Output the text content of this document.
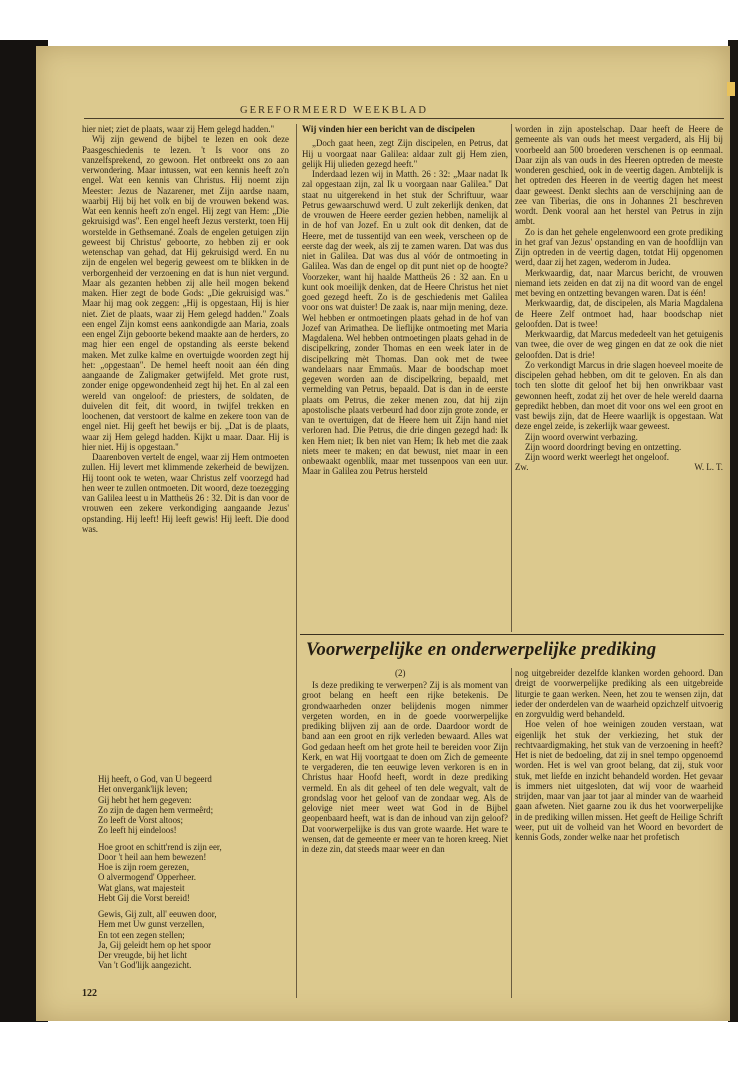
GEREFORMEERD WEEKBLAD

hier niet; ziet de plaats, waar zij Hem gelegd hadden."

Wij zijn gewend de bijbel te lezen en ook deze Paasgeschiedenis te lezen. 't Is voor ons zo vanzelfsprekend, zo gewoon. Het ontbreekt ons zo aan verwondering. Maar intussen, wat een kennis heeft zo'n engel. Wat een kennis van Christus. Hij noemt zijn Meester: Jezus de Nazarener, met Zijn aardse naam, waarbij Hij bij het volk en bij de vrouwen bekend was. Wat een kennis heeft zo'n engel. Hij zegt van Hem: „Die gekruisigd was". Een engel heeft Jezus versterkt, toen Hij worstelde in Gethsemané. Zoals de engelen getuigen zijn geweest bij Christus' geboorte, zo hebben zij er ook wetenschap van gehad, dat Hij gekruisigd werd. En nu zijn de engelen wel begerig geweest om te blikken in de verborgenheid der verzoening en dat is hun niet vergund. Maar als gezanten hebben zij alle heil mogen bekend maken. Hier zegt de bode Gods: „Die gekruisigd was." Maar hij mag ook zeggen: „Hij is opgestaan, Hij is hier niet. Ziet de plaats, waar zij Hem gelegd hadden." Zoals een engel Zijn komst eens aankondigde aan Maria, zoals een engel Zijn geboorte bekend maakte aan de herders, zo mag hier een engel de opstanding als eerste bekend maken. Met zulke kalme en overtuigde woorden zegt hij het: „opgestaan". De hemel heeft nooit aan één ding aangaande de Zaligmaker getwijfeld. Met grote rust, zonder enige opgewondenheid zegt hij het. En al zal een wereld van ongeloof: de priesters, de soldaten, de duivelen dit feit, dit woord, in twijfel trekken en loochenen, dat verstoort de kalme en zekere toon van de engel niet. Hij geeft het bewijs er bij. „Dat is de plaats, waar zij Hem gelegd hadden. Kijkt u maar. Daar. Hij is hier niet. Hij is opgestaan."

Daarenboven vertelt de engel, waar zij Hem ontmoeten zullen. Hij levert met klimmende zekerheid de bewijzen. Hij toont ook te weten, waar Christus zelf voorzegd had hen weer te zullen ontmoeten. Dit woord, deze toezegging van Galilea leest u in Mattheüs 26 : 32. Dit is dan voor de vrouwen een zekere verkondiging aangaande Jezus' opstanding. Hij leeft! Hij leeft gewis! Hij leeft. Die dood was.

Hij heeft, o God, van U begeerd
Het onvergank'lijk leven;
Gij hebt het hem gegeven:
Zo zijn de dagen hem vermeêrd;
Zo leeft de Vorst altoos;
Zo leeft hij eindeloos!
Hoe groot en schitt'rend is zijn eer,
Door 't heil aan hem bewezen!
Hoe is zijn roem gerezen,
O alvermogend' Opperheer.
Wat glans, wat majesteit
Hebt Gij die Vorst bereid!
Gewis, Gij zult, all' eeuwen door,
Hem met Uw gunst verzellen,
En tot een zegen stellen;
Ja, Gij geleidt hem op het spoor
Der vreugde, bij het licht
Van 't God'lijk aangezicht.

Wij vinden hier een bericht van de discipelen

„Doch gaat heen, zegt Zijn discipelen, en Petrus, dat Hij u voorgaat naar Galilea: aldaar zult gij Hem zien, gelijk Hij ulieden gezegd heeft."

Inderdaad lezen wij in Matth. 26 : 32: „Maar nadat Ik zal opgestaan zijn, zal Ik u voorgaan naar Galilea." Dat staat nu uitgerekend in het stuk der Schriftuur, waar Petrus gewaarschuwd werd. U zult zekerlijk denken, dat de vrouwen de Heere eerder gezien hebben, namelijk al in de hof van Jozef. En u zult ook dit denken, dat de Heere, met de tussentijd van een week, verscheen op de eerste dag der week, als zij te zamen waren. Dat was dus niet in Galilea. Dat was dus al vóór de ontmoeting in Galilea. Was dan de engel op dit punt niet op de hoogte? Voorzeker, want hij haalde Mattheüs 26 : 32 aan. En u kunt ook moeilijk denken, dat de Heere Christus het niet goed gezegd heeft. Zo is de geschiedenis met Galilea voor ons wat duister! De zaak is, naar mijn mening, deze. Wel hebben er ontmoetingen plaats gehad in de hof van Jozef van Arimathea. De lieflijke ontmoeting met Maria Magdalena. Wel hebben ontmoetingen plaats gehad in de discipelkring, zonder Thomas en een week later in de discipelkring mèt Thomas. Dan ook met de twee wandelaars naar Emmaüs. Maar de boodschap moet gegeven worden aan de discipelkring, bepaald, met vermelding van Petrus, bepaald. Dat is dan in de eerste plaats om Petrus, die zeker menen zou, dat hij zijn apostolische plaats verbeurd had door zijn grote zonde, er van te overtuigen, dat de Heere hem uit Zijn hand niet verloren had. Die Petrus, die drie dingen gezegd had: Ik ken Hem niet; Ik ben niet van Hem; Ik heb met die zaak niets meer te maken; en dat bewust, niet maar in een onbewaakt ogenblik, maar met tussenpoos van een uur. Maar in Galilea zou Petrus hersteld

worden in zijn apostelschap. Daar heeft de Heere de gemeente als van ouds het meest vergaderd, als Hij bij voorbeeld aan 500 broederen verschenen is op eenmaal. Daar zijn als van ouds in des Heeren optreden de meeste wonderen geschied, ook in de veertig dagen. Ambtelijk is het optreden des Heeren in de veertig dagen het meest daar geweest. Denkt slechts aan de verschijning aan de zee van Tiberias, die ons in Johannes 21 beschreven wordt. Denk vooral aan het herstel van Petrus in zijn ambt.

Zo is dan het gehele engelenwoord een grote prediking in het graf van Jezus' opstanding en van de hoofdlijn van Zijn optreden in de veertig dagen, totdat Hij opgenomen werd, daar zij het zagen, wederom in Judea.

Merkwaardig, dat, naar Marcus bericht, de vrouwen niemand iets zeiden en dat zij na dit woord van de engel met beving en ontzetting bevangen waren. Dat is één!

Merkwaardig, dat, de discipelen, als Maria Magdalena de Heere Zelf ontmoet had, haar boodschap niet geloofden. Dat is twee!

Merkwaardig, dat Marcus mededeelt van het getuigenis van twee, die over de weg gingen en dat ze ook die niet geloofden. Dat is drie!

Zo verkondigt Marcus in drie slagen hoeveel moeite de discipelen gehad hebben, om dit te geloven. En als dan toch ten slotte dit geloof het bij hen onwrikbaar vast gewonnen heeft, zodat zij het over de hele wereld daarna gepredikt hebben, dan moet dit voor ons wel een groot en vast bewijs zijn, dat de Heere waarlijk is opgestaan. Wat deze engel zeide, is zekerlijk waar geweest.

Zijn woord overwint verbazing.

Zijn woord doordringt beving en ontzetting.

Zijn woord werkt weerlegt het ongeloof.

Zw.	W. L. T.
Voorwerpelijke en onderwerpelijke prediking
(2)

Is deze prediking te verwerpen? Zij is als moment van groot belang en heeft een rijke betekenis. De grondwaarheden onzer belijdenis mogen nimmer vergeten worden, en in de goede voorwerpelijke prediking blijven zij aan de orde. Daardoor wordt de band aan een groot en rijk verleden bewaard. Alles wat God gedaan heeft om het grote heil te bereiden voor Zijn Kerk, en wat Hij voortgaat te doen om Zich de gemeente te vergaderen, die ten eeuwige leven verkoren is en in Christus haar Hoofd heeft, wordt in deze prediking vermeld. En als dit geheel of ten dele wegvalt, valt de grondslag voor het geloof van de zondaar weg. Als de gelovige niet meer weet wat God in de Bijbel geopenbaard heeft, wat is dan de inhoud van zijn geloof? Dat voorwerpelijke is dus van grote waarde. Het ware te wensen, dat de gemeente er meer van te horen kreeg. Niet in deze zin, dat steeds maar weer en dan

nog uitgebreider dezelfde klanken worden gehoord. Dan dreigt de voorwerpelijke prediking als een uitgebreide liturgie te gaan werken. Neen, het zou te wensen zijn, dat ieder der onderdelen van de waarheid opzichzelf uitvoerig en zorgvuldig werd behandeld.

Hoe velen of hoe weinigen zouden verstaan, wat eigenlijk het stuk der verkiezing, het stuk der rechtvaardigmaking, het stuk van de verzoening in heeft? Het is niet de bedoeling, dat zij in snel tempo opgenoemd worden. Het is wel van groot belang, dat zij, stuk voor stuk, met liefde en inzicht behandeld worden. Het gevaar is immers niet uitgesloten, dat wij voor de waarheid strijden, maar van jaar tot jaar al minder van de waarheid gaan afweten. Niet gaarne zou ik dus het voorwerpelijke in de prediking willen missen. Het geeft de Heilige Schrift weer, put uit de volheid van het Woord en bevordert de kennis Gods, zonder welke naar het profetisch

122
